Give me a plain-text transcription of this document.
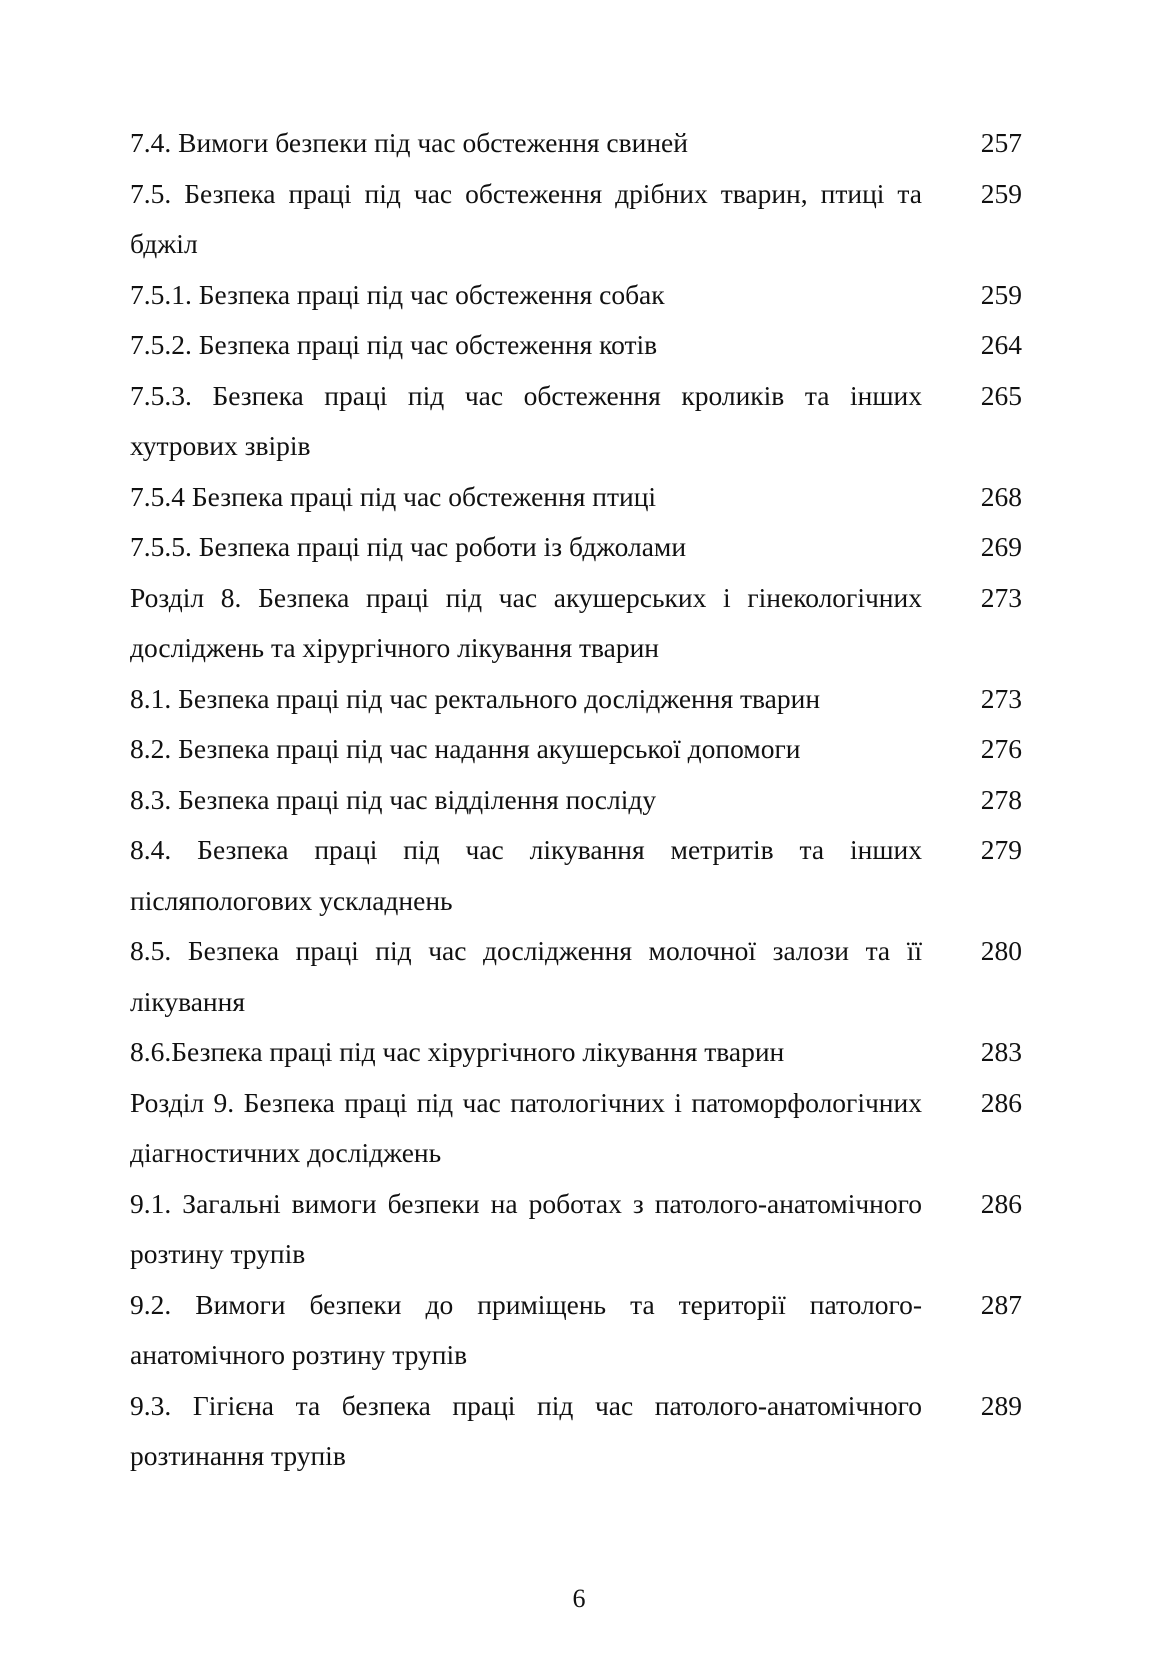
7.4. Вимоги безпеки під час обстеження свиней	257
7.5. Безпека праці під час обстеження дрібних тварин, птиці та бджіл	259
7.5.1. Безпека праці під час обстеження собак	259
7.5.2. Безпека праці під час обстеження котів	264
7.5.3. Безпека праці під час обстеження кроликів та інших хутрових звірів	265
7.5.4 Безпека праці під час обстеження птиці	268
7.5.5. Безпека праці під час роботи із бджолами	269
Розділ 8. Безпека праці під час акушерських і гінекологічних досліджень та хірургічного лікування тварин	273
8.1. Безпека праці під час ректального дослідження тварин	273
8.2. Безпека праці під час надання акушерської допомоги	276
8.3. Безпека праці під час відділення посліду	278
8.4. Безпека праці під час лікування метритів та інших післяпологових ускладнень	279
8.5. Безпека праці під час дослідження молочної залози та її лікування	280
8.6.Безпека праці під час хірургічного лікування тварин	283
Розділ 9. Безпека праці під час патологічних і патоморфологічних діагностичних досліджень	286
9.1. Загальні вимоги безпеки на роботах з патолого-анатомічного розтину трупів	286
9.2. Вимоги безпеки до приміщень та території патолого-анатомічного розтину трупів	287
9.3. Гігієна та безпека праці під час патолого-анатомічного розтинання трупів	289
6
